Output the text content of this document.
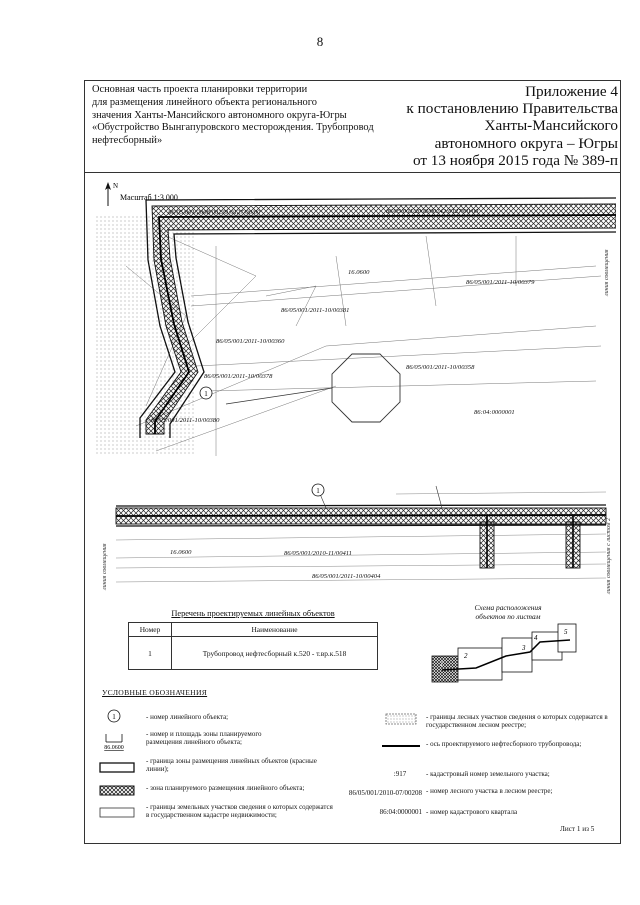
8
Основная часть проекта планировки территории
для размещения линейного объекта регионального
значения Ханты-Мансийского автономного округа-Югры
«Обустройство Вынгапуровского месторождения. Трубопровод
нефтесборный»
Приложение 4
к постановлению Правительства
Ханты-Мансийского
автономного округа – Югры
от 13 ноября 2015 года № 389-п
N
Масштаб 1:3 000
1
86/05/001/2008/00239:0127/00/00	86/05/001/2008/00242:0127/00/00
16.0600
86/05/001/2011-10/00379
86/05/001/2011-10/00381
86/05/001/2011-10/00360
86/05/001/2011-10/00358
86/05/001/2011-10/00378
86/05/001/2011-10/00380
86:04:0000001
линия совмещения
1
16.0600	86/05/001/2010-11/00411
86/05/001/2011-10/00404
линия совмещения	линия совмещения с листом 2
Перечень проектируемых линейных объектов
Номер	Наименование
1	Трубопровод нефтесборный к.520 - т.вр.к.518
Схема расположения
объектов по листам
2
3
4
5
1
УСЛОВНЫЕ ОБОЗНАЧЕНИЯ
1
86.0600
- номер линейного объекта;
- номер и площадь зоны планируемого размещения линейного объекта;
- граница зоны размещения линейных объектов (красные линии);
- зона планируемого размещения линейного объекта;
- границы земельных участков сведения о которых содержатся в государственном кадастре недвижимости;
:917
86/05/001/2010-07/00208
86:04:0000001
- границы лесных участков сведения о которых содержатся в государственном лесном реестре;
- ось проектируемого нефтесборного трубопровода;
- кадастровый номер земельного участка;
- номер лесного участка в лесном реестре;
- номер кадастрового квартала
Лист 1 из 5
